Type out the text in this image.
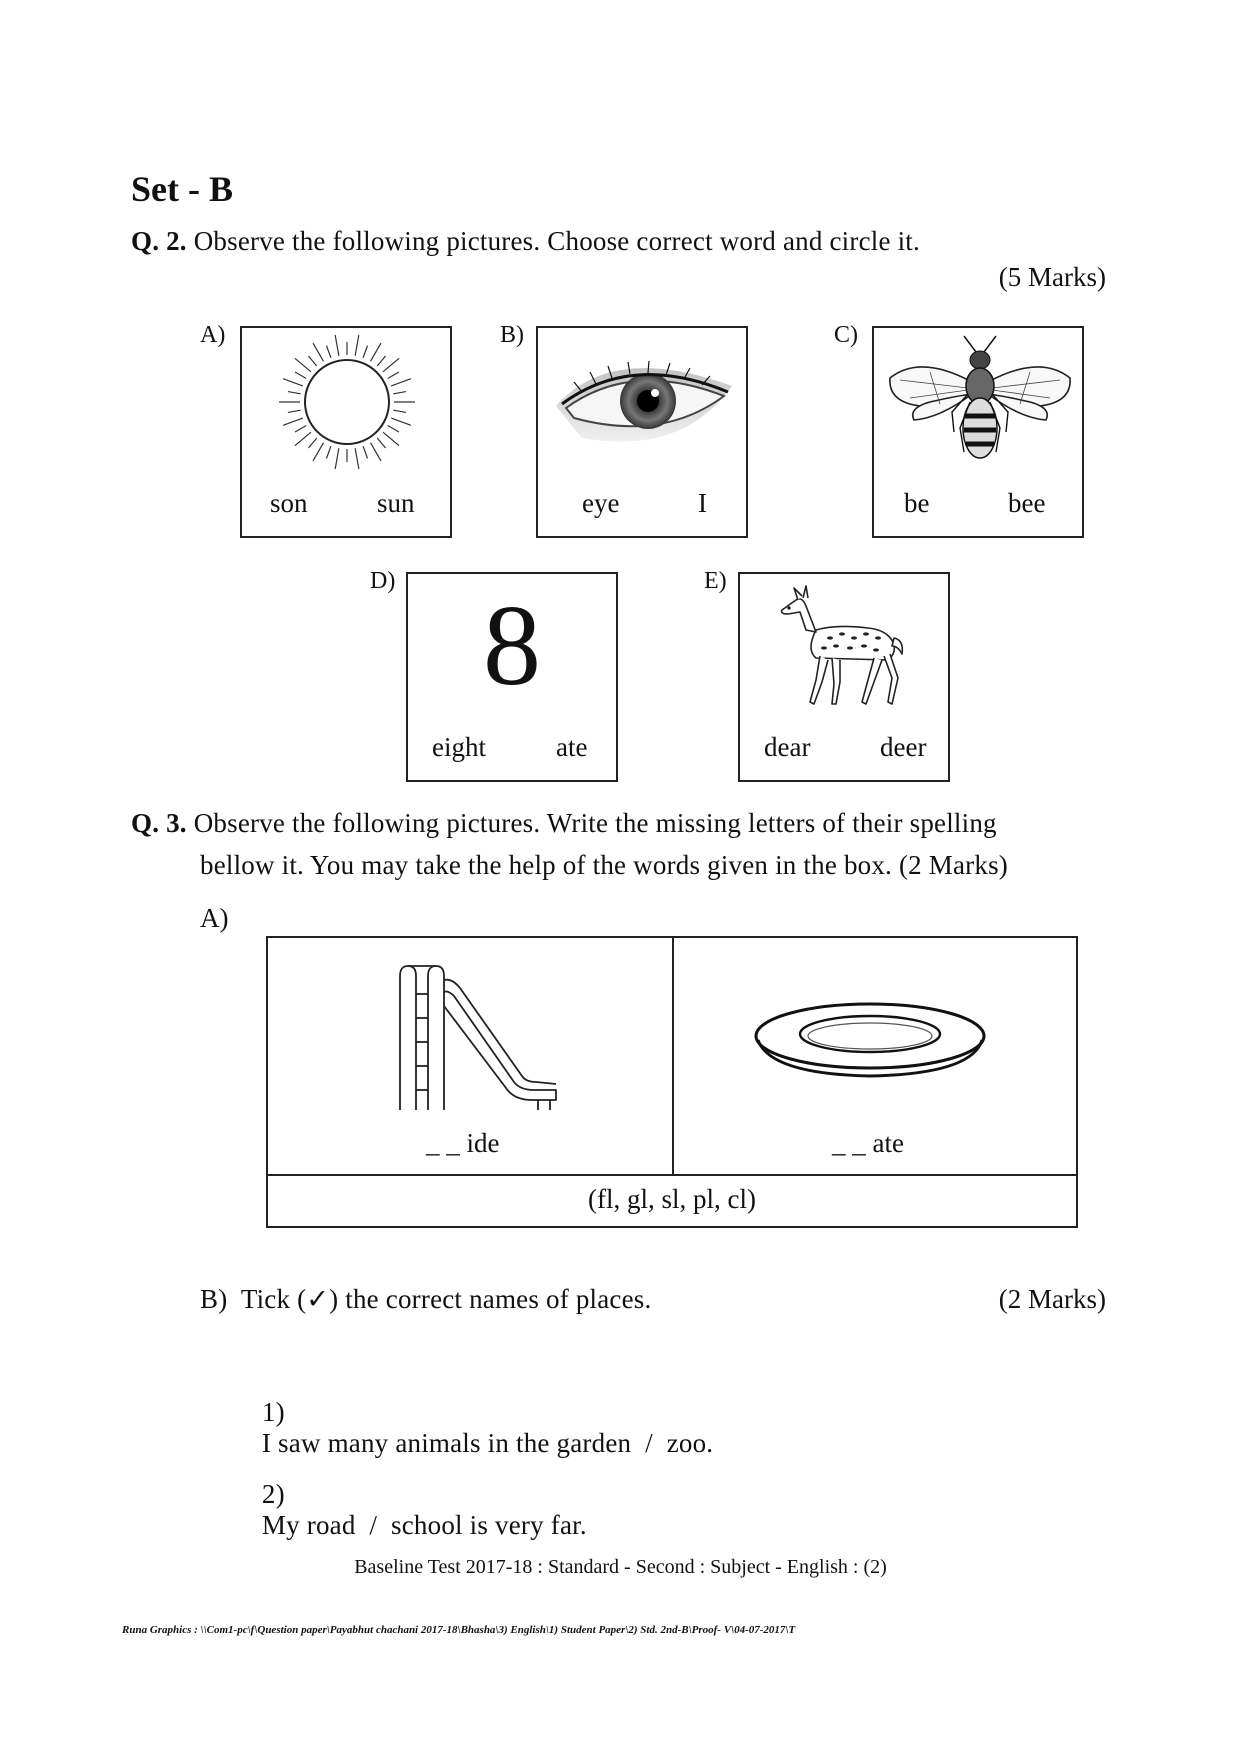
Set - B
Q. 2. Observe the following pictures. Choose correct word and circle it.
(5 Marks)
A)
son	sun
B)
eye	I
C)
be	bee
D)
8
eight	ate
E)
dear	deer
Q. 3. Observe the following pictures. Write the missing letters of their spelling
bellow it. You may take the help of the words given in the box. (2 Marks)
A)
_ _ ide	_ _ ate
(fl, gl, sl, pl, cl)
B) Tick (✓) the correct names of places.	(2 Marks)

1)
I saw many animals in the garden  /  zoo.

2)
My road  /  school is very far.

Baseline Test 2017-18 : Standard - Second : Subject - English : (2)
Runa Graphics : \\Com1-pc\f\Question paper\Payabhut chachani 2017-18\Bhasha\3) English\1) Student Paper\2) Std. 2nd-B\Proof- V\04-07-2017\T
